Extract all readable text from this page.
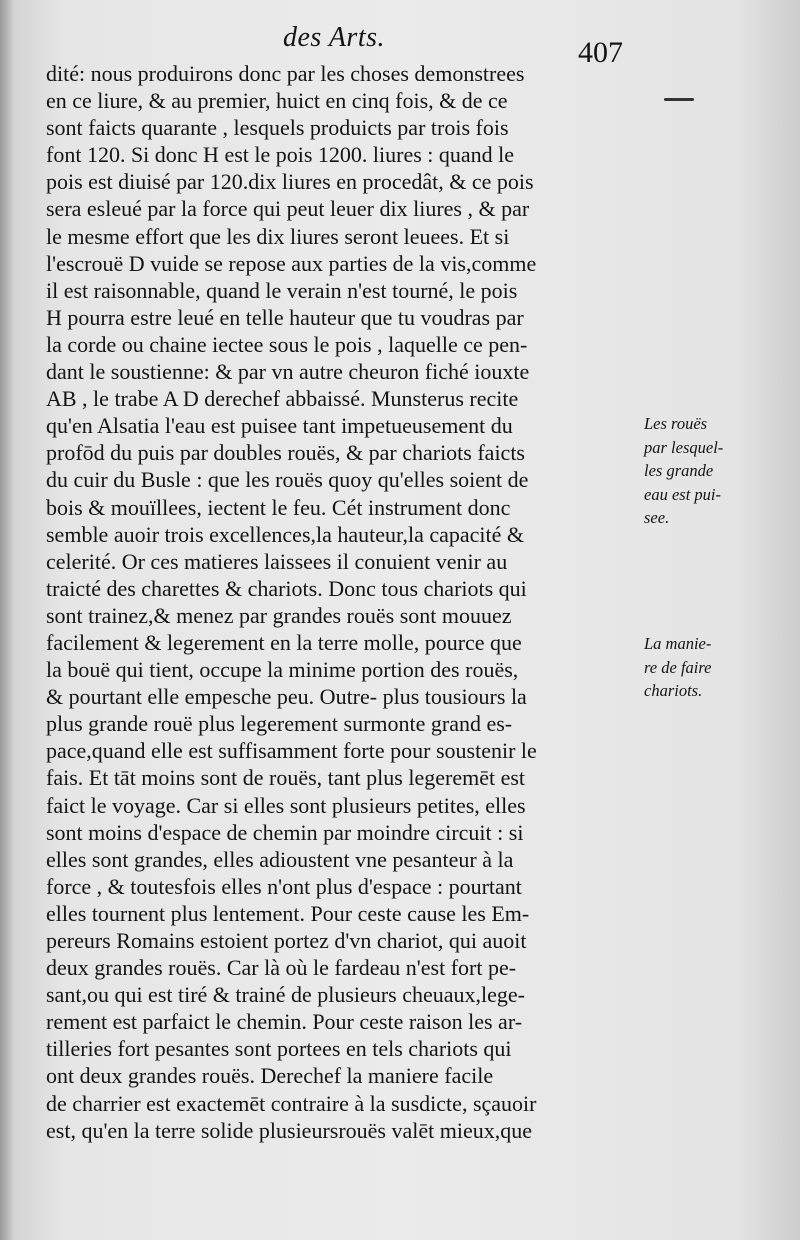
des Arts.	407
dité: nous produirons donc par les choses demonstrees
en ce liure, & au premier, huict en cinq fois, & de ce
sont faicts quarante , lesquels produicts par trois fois
font 120. Si donc H est le pois 1200. liures : quand le
pois est diuisé par 120.dix liures en procedât, & ce pois
sera esleué par la force qui peut leuer dix liures , & par
le mesme effort que les dix liures seront leuees. Et si
l'escrouë D vuide se repose aux parties de la vis,comme
il est raisonnable, quand le verain n'est tourné, le pois
H pourra estre leué en telle hauteur que tu voudras par
la corde ou chaine iectee sous le pois , laquelle ce pen-
dant le soustienne: & par vn autre cheuron fiché iouxte
AB , le trabe A D derechef abbaissé. Munsterus recite
qu'en Alsatia l'eau est puisee tant impetueusement du
profōd du puis par doubles rouës, & par chariots faicts
du cuir du Busle : que les rouës quoy qu'elles soient de
bois & mouïllees, iectent le feu. Cét instrument donc
semble auoir trois excellences,la hauteur,la capacité &
celerité. Or ces matieres laissees il conuient venir au
traicté des charettes & chariots. Donc tous chariots qui
sont trainez,& menez par grandes rouës sont mouuez
facilement & legerement en la terre molle, pource que
la bouë qui tient, occupe la minime portion des rouës,
& pourtant elle empesche peu. Outre- plus tousiours la
plus grande rouë plus legerement surmonte grand es-
pace,quand elle est suffisamment forte pour soustenir le
fais. Et tāt moins sont de rouës, tant plus legeremēt est
faict le voyage. Car si elles sont plusieurs petites, elles
sont moins d'espace de chemin par moindre circuit : si
elles sont grandes, elles adioustent vne pesanteur à la
force , & toutesfois elles n'ont plus d'espace : pourtant
elles tournent plus lentement. Pour ceste cause les Em-
pereurs Romains estoient portez d'vn chariot, qui auoit
deux grandes rouës. Car là où le fardeau n'est fort pe-
sant,ou qui est tiré & trainé de plusieurs cheuaux,lege-
rement est parfaict le chemin. Pour ceste raison les ar-
tilleries fort pesantes sont portees en tels chariots qui
ont deux grandes rouës. Derechef la maniere facile
de charrier est exactemēt contraire à la susdicte, sçauoir
est, qu'en la terre solide plusieursrouës valēt mieux,que
Les rouës
par lesquel-
les grande
eau est pui-
see.
La manie-
re de faire
chariots.
